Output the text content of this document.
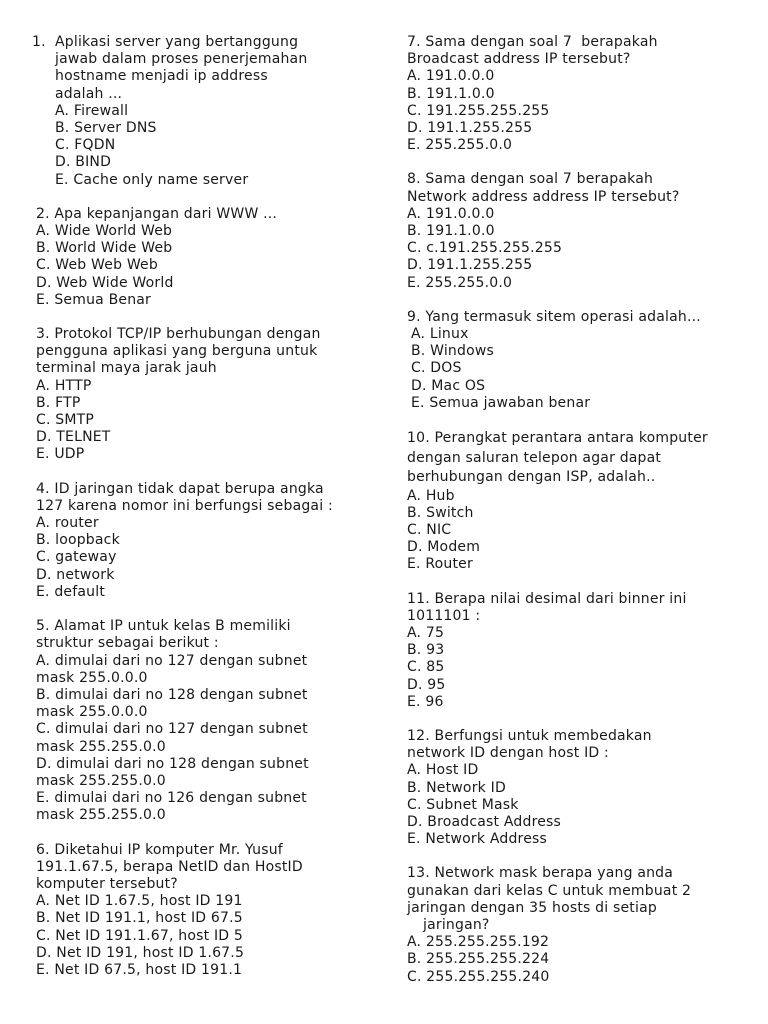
1. Aplikasi server yang bertanggung
jawab dalam proses penerjemahan
hostname menjadi ip address
adalah ...
A. Firewall
B. Server DNS
C. FQDN
D. BIND
E. Cache only name server
2. Apa kepanjangan dari WWW ...
A. Wide World Web
B. World Wide Web
C. Web Web Web
D. Web Wide World
E. Semua Benar
3. Protokol TCP/IP berhubungan dengan
pengguna aplikasi yang berguna untuk
terminal maya jarak jauh
A. HTTP
B. FTP
C. SMTP
D. TELNET
E. UDP
4. ID jaringan tidak dapat berupa angka
127 karena nomor ini berfungsi sebagai :
A. router
B. loopback
C. gateway
D. network
E. default
5. Alamat IP untuk kelas B memiliki
struktur sebagai berikut :
A. dimulai dari no 127 dengan subnet
mask 255.0.0.0
B. dimulai dari no 128 dengan subnet
mask 255.0.0.0
C. dimulai dari no 127 dengan subnet
mask 255.255.0.0
D. dimulai dari no 128 dengan subnet
mask 255.255.0.0
E. dimulai dari no 126 dengan subnet
mask 255.255.0.0
6. Diketahui IP komputer Mr. Yusuf
191.1.67.5, berapa NetID dan HostID
komputer tersebut?
A. Net ID 1.67.5, host ID 191
B. Net ID 191.1, host ID 67.5
C. Net ID 191.1.67, host ID 5
D. Net ID 191, host ID 1.67.5
E. Net ID 67.5, host ID 191.1
7. Sama dengan soal 7  berapakah
Broadcast address IP tersebut?
A. 191.0.0.0
B. 191.1.0.0
C. 191.255.255.255
D. 191.1.255.255
E. 255.255.0.0
8. Sama dengan soal 7 berapakah
Network address address IP tersebut?
A. 191.0.0.0
B. 191.1.0.0
C. c.191.255.255.255
D. 191.1.255.255
E. 255.255.0.0
9. Yang termasuk sitem operasi adalah...
A. Linux
B. Windows
C. DOS
D. Mac OS
E. Semua jawaban benar
10. Perangkat perantara antara komputer
dengan saluran telepon agar dapat
berhubungan dengan ISP, adalah..
A. Hub
B. Switch
C. NIC
D. Modem
E. Router
11. Berapa nilai desimal dari binner ini
1011101 :
A. 75
B. 93
C. 85
D. 95
E. 96
12. Berfungsi untuk membedakan
network ID dengan host ID :
A. Host ID
B. Network ID
C. Subnet Mask
D. Broadcast Address
E. Network Address
13. Network mask berapa yang anda
gunakan dari kelas C untuk membuat 2
jaringan dengan 35 hosts di setiap
jaringan?
A. 255.255.255.192
B. 255.255.255.224
C. 255.255.255.240
